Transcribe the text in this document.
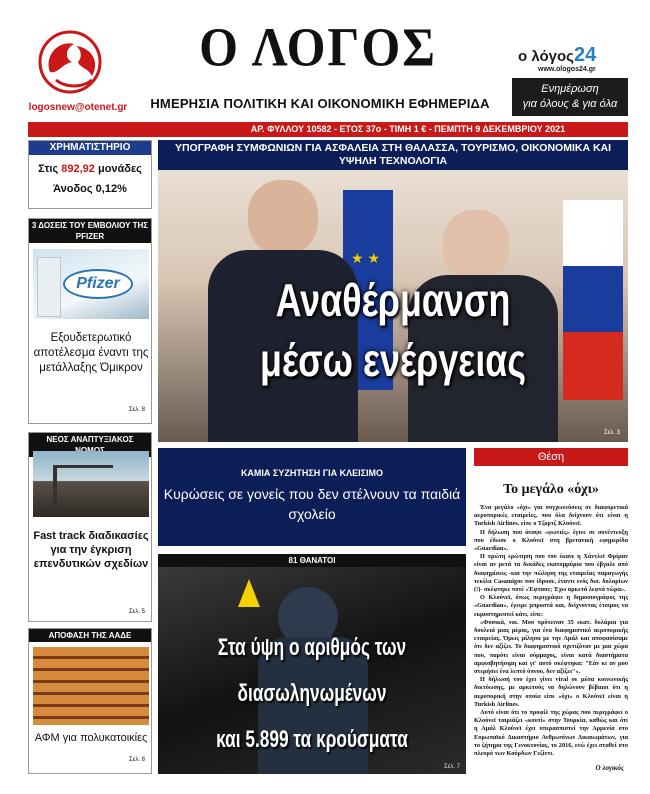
logosnew@otenet.gr
Ο ΛΟΓΟΣ
ΗΜΕΡΗΣΙΑ ΠΟΛΙΤΙΚΗ ΚΑΙ ΟΙΚΟΝΟΜΙΚΗ ΕΦΗΜΕΡΙΔΑ
ο λόγος24
www.ologos24.gr
Ενημέρωση
για όλους & για όλα
ΑΡ. ΦΥΛΛΟΥ 10582 - ΕΤΟΣ 37ο - ΤΙΜΗ 1 € - ΠΕΜΠΤΗ 9 ΔΕΚΕΜΒΡΙΟΥ 2021
ΧΡΗΜΑΤΙΣΤΗΡΙΟ
Στις 892,92 μονάδες
Άνοδος 0,12%
3 ΔΟΣΕΙΣ ΤΟΥ ΕΜΒΟΛΙΟΥ ΤΗΣ PFIZER
Pfizer
Εξουδετερωτικό αποτέλεσμα έναντι της μετάλλαξης Όμικρον
Σελ. 8
ΝΕΟΣ ΑΝΑΠΤΥΞΙΑΚΟΣ
Fast track διαδικασίες για την έγκριση επενδυτικών σχεδίων
Σελ. 5
ΑΠΟΦΑΣΗ ΤΗΣ ΑΑΔΕ
ΑΦΜ για πολυκατοικίες
Σελ. 8
★ ★
ΥΠΟΓΡΑΦΗ ΣΥΜΦΩΝΙΩΝ ΓΙΑ ΑΣΦΑΛΕΙΑ ΣΤΗ ΘΑΛΑΣΣΑ, ΤΟΥΡΙΣΜΟ, ΟΙΚΟΝΟΜΙΚΑ ΚΑΙ ΥΨΗΛΗ ΤΕΧΝΟΛΟΓΙΑ
Αναθέρμανση
μέσω ενέργειας
Σελ. 3
ΚΑΜΙΑ ΣΥΖΗΤΗΣΗ ΓΙΑ ΚΛΕΙΣΙΜΟ
Κυρώσεις σε γονείς που δεν στέλνουν τα παιδιά σχολείο
81 ΘΑΝΑΤΟΙ
Στα ύψη ο αριθμός των διασωληνωμένων
και 5.899 τα κρούσματα
Σελ. 7
Θέση
Το μεγάλο «όχι»

Ένα μεγάλο «όχι» για συγχωνεύσεις σε διαφορετικά αεροπορικές εταιρείες, που όλα δείχνουν ότι είναι η Turkish Airlines, είπε ο Τζορτζ Κλούνεϊ.

Η δήλωση που άναψε «φωτιές» έγινε σε συνέντευξη που έδωσε ο Κλούνεϊ στη βρετανική εφημερίδα «Guardian».

Η πρώτη ερώτηση που του έκανε η Χάντλεϊ Φρίμαν είναι αν μετά τα δεκάδες εκατομμύρια που έβγαλε από διαφημίσεις -και την πώληση της εταιρείας παραγωγής τεκίλα Casamigos που ίδρυσε, έναντι ενός δισ. δολαρίων (!)- σκέφτηκε ποτέ «Έφτασε; Έχω αρκετά λεφτά τώρα».

Ο Κλούνεϊ, όπως περιγράφει η δημοσιογράφος της «Guardian», έγειρε μπροστά και, δείχνοντας έτοιμος να εκμυστηρευτεί κάτι, είπε:

«Φυσικά, ναι. Μου πρότειναν 35 εκατ. δολάρια για δουλειά μιας μέρας, για ένα διαφημιστικό αεροπορικής εταιρείας. Όμως μίλησα με την Αμάλ και αποφασίσαμε ότι δεν αξίζει. Το διαφημιστικό σχετιζόταν με μια χώρα που, παρότι είναι σύμμαχος, είναι κατά διαστήματα αμφισβητήσιμη και γι' αυτό σκέφτηκα: "Εάν κι αν μου στερήσει ένα λεπτό ύπνου, δεν αξίζει"».

Η δήλωσή του έχει γίνει viral σε μέσα κοινωνικής δικτύωσης, με αρκετούς να δηλώνουν βέβαιοι ότι η αεροπορική στην οποία είπε «όχι» ο Κλούνεϊ είναι η Turkish Airlines.

Αυτό είναι ότι το προφίλ της χώρας που περιγράφει ο Κλούνεϊ ταιριάζει «κουτί» στην Τουρκία, καθώς και ότι η Αμάλ Κλούνεϊ έχει υπερασπιστεί την Αρμενία στο Ευρωπαϊκό Δικαστήριο Ανθρωπίνων Δικαιωμάτων, για το ζήτημα της Γενοκτονίας, το 2016, ενώ έχει σταθεί στο πλευρό των Κούρδων Γεζίντι.

Ο λογικός
